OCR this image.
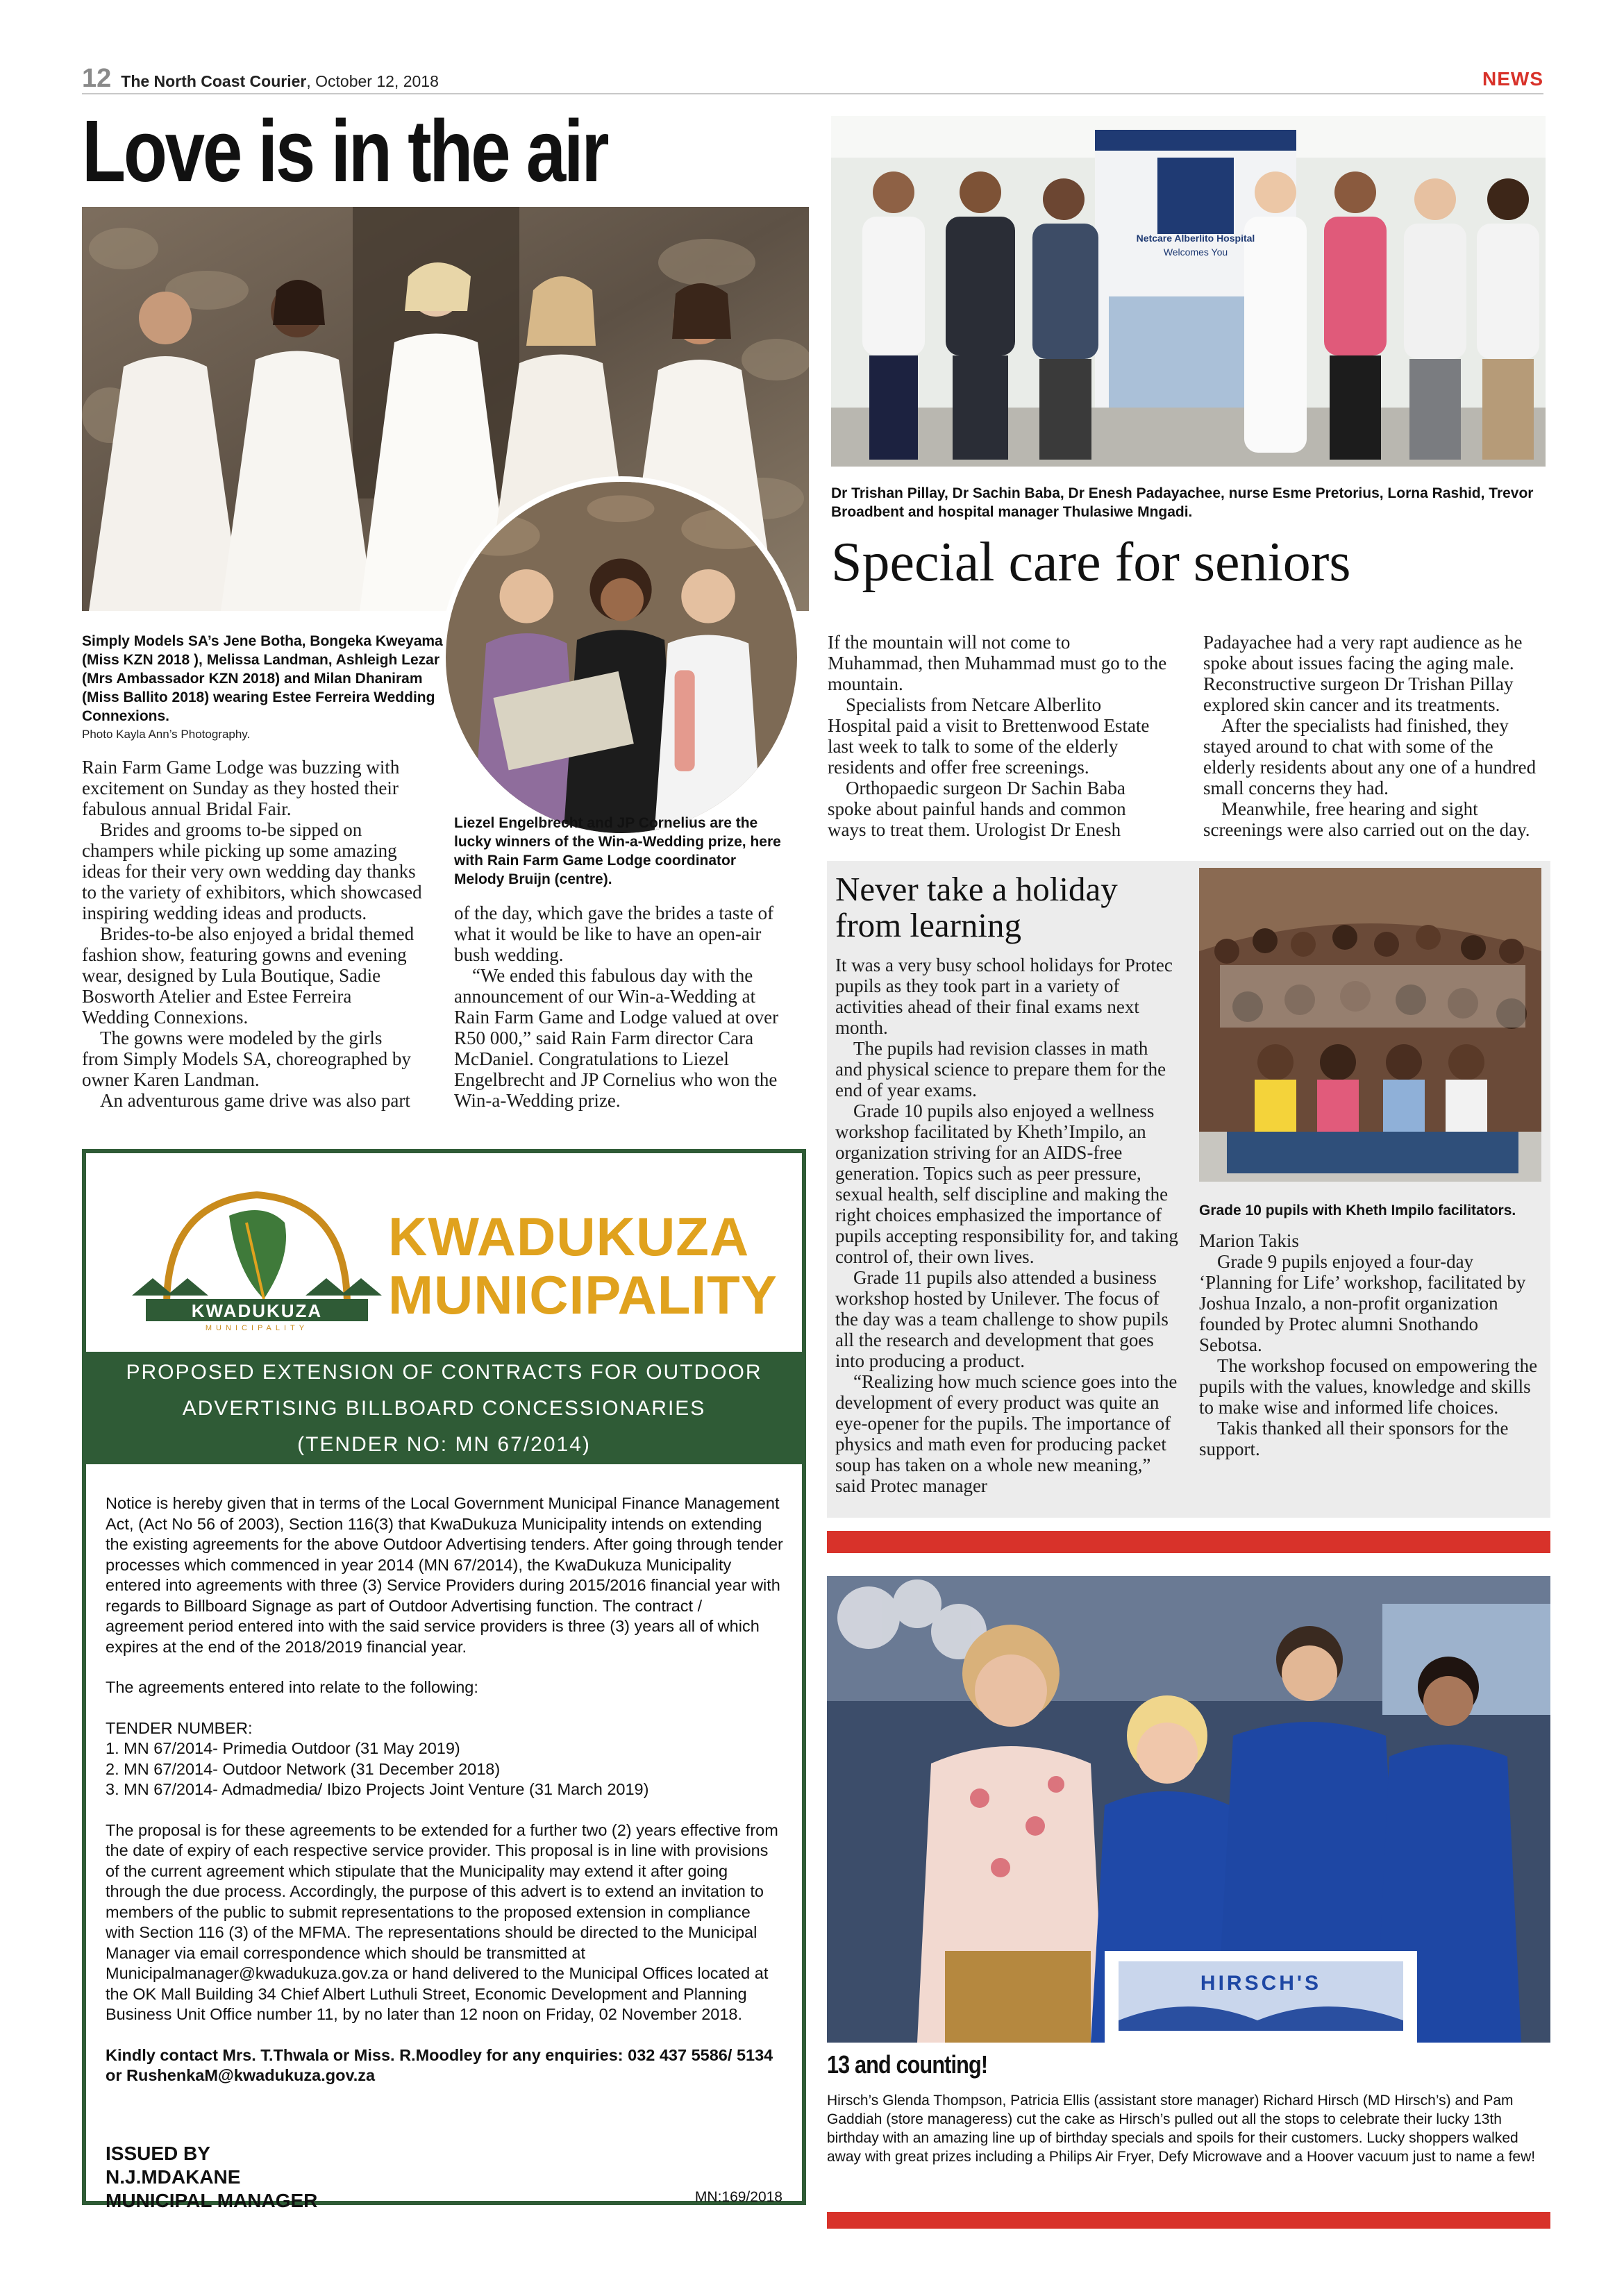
12 The North Coast Courier, October 12, 2018	NEWS
Love is in the air
Simply Models SA’s Jene Botha, Bongeka Kweyama (Miss KZN 2018 ), Melissa Landman, Ashleigh Lezar (Mrs Ambassador KZN 2018) and Milan Dhaniram (Miss Ballito 2018) wearing Estee Ferreira Wedding Connexions.
Photo Kayla Ann’s Photography.

Rain Farm Game Lodge was buzzing with excitement on Sunday as they hosted their fabulous annual Bridal Fair.

Brides and grooms to-be sipped on champers while picking up some amazing ideas for their very own wedding day thanks to the variety of exhibitors, which showcased inspiring wedding ideas and products.

Brides-to-be also enjoyed a bridal themed fashion show, featuring gowns and evening wear, designed by Lula Boutique, Sadie Bosworth Atelier and Estee Ferreira Wedding Connexions.

The gowns were modeled by the girls from Simply Models SA, choreographed by owner Karen Landman.

An adventurous game drive was also part

Liezel Engelbrecht and JP Cornelius are the lucky winners of the Win-a-Wedding prize, here with Rain Farm Game Lodge coordinator Melody Bruijn (centre).

of the day, which gave the brides a taste of what it would be like to have an open-air bush wedding.

“We ended this fabulous day with the announcement of our Win-a-Wedding at Rain Farm Game and Lodge valued at over R50 000,” said Rain Farm director Cara McDaniel. Congratulations to Liezel Engelbrecht and JP Cornelius who won the Win-a-Wedding prize.

KWADUKUZA
MUNICIPALITY
KWADUKUZA
MUNICIPALITY
PROPOSED EXTENSION OF CONTRACTS FOR OUTDOOR
ADVERTISING BILLBOARD CONCESSIONARIES
(TENDER NO: MN 67/2014)

Notice is hereby given that in terms of the Local Government Municipal Finance Management Act, (Act No 56 of 2003), Section 116(3) that KwaDukuza Municipality intends on extending the existing agreements for the above Outdoor Advertising tenders. After going through tender processes which commenced in year 2014 (MN 67/2014), the KwaDukuza Municipality entered into agreements with three (3) Service Providers during 2015/2016 financial year with regards to Billboard Signage as part of Outdoor Advertising function. The contract / agreement period entered into with the said service providers is three (3) years all of which expires at the end of the 2018/2019 financial year.

The agreements entered into relate to the following:

TENDER NUMBER:

1. MN 67/2014- Primedia Outdoor (31 May 2019)

2. MN 67/2014- Outdoor Network (31 December 2018)

3. MN 67/2014- Admadmedia/ Ibizo Projects Joint Venture (31 March 2019)

The proposal is for these agreements to be extended for a further two (2) years effective from the date of expiry of each respective service provider. This proposal is in line with provisions of the current agreement which stipulate that the Municipality may extend it after going through the due process. Accordingly, the purpose of this advert is to extend an invitation to members of the public to submit representations to the proposed extension in compliance with Section 116 (3) of the MFMA. The representations should be directed to the Municipal Manager via email correspondence which should be transmitted at Municipalmanager@kwadukuza.gov.za or hand delivered to the Municipal Offices located at the OK Mall Building 34 Chief Albert Luthuli Street, Economic Development and Planning Business Unit Office number 11, by no later than 12 noon on Friday, 02 November 2018.

Kindly contact Mrs. T.Thwala or Miss. R.Moodley for any enquiries: 032 437 5586/ 5134 or RushenkaM@kwadukuza.gov.za

ISSUED BY
N.J.MDAKANE
MUNICIPAL MANAGER	MN:169/2018
Netcare Alberlito Hospital
Welcomes You
Dr Trishan Pillay, Dr Sachin Baba, Dr Enesh Padayachee, nurse Esme Pretorius, Lorna Rashid, Trevor Broadbent and hospital manager Thulasiwe Mngadi.
Special care for seniors

If the mountain will not come to Muhammad, then Muhammad must go to the mountain.

Specialists from Netcare Alberlito Hospital paid a visit to Brettenwood Estate last week to talk to some of the elderly residents and offer free screenings.

Orthopaedic surgeon Dr Sachin Baba spoke about painful hands and common ways to treat them. Urologist Dr Enesh

Padayachee had a very rapt audience as he spoke about issues facing the aging male. Reconstructive surgeon Dr Trishan Pillay explored skin cancer and its treatments.

After the specialists had finished, they stayed around to chat with some of the elderly residents about any one of a hundred small concerns they had.

Meanwhile, free hearing and sight screenings were also carried out on the day.

Never take a holiday
from learning

It was a very busy school holidays for Protec pupils as they took part in a variety of activities ahead of their final exams next month.

The pupils had revision classes in math and physical science to prepare them for the end of year exams.

Grade 10 pupils also enjoyed a wellness workshop facilitated by Kheth’Impilo, an organization striving for an AIDS-free generation. Topics such as peer pressure, sexual health, self discipline and making the right choices emphasized the importance of pupils accepting responsibility for, and taking control of, their own lives.

Grade 11 pupils also attended a business workshop hosted by Unilever. The focus of the day was a team challenge to show pupils all the research and development that goes into producing a product.

“Realizing how much science goes into the development of every product was quite an eye-opener for the pupils. The importance of physics and math even for producing packet soup has taken on a whole new meaning,” said Protec manager

Grade 10 pupils with Kheth Impilo facilitators.

Marion Takis

Grade 9 pupils enjoyed a four-day ‘Planning for Life’ workshop, facilitated by Joshua Inzalo, a non-profit organization founded by Protec alumni Snothando Sebotsa.

The workshop focused on empowering the pupils with the values, knowledge and skills to make wise and informed life choices.

Takis thanked all their sponsors for the support.

HIRSCH'S
13 and counting!
Hirsch’s Glenda Thompson, Patricia Ellis (assistant store manager) Richard Hirsch (MD Hirsch’s) and Pam Gaddiah (store manageress) cut the cake as Hirsch’s pulled out all the stops to celebrate their lucky 13th birthday with an amazing line up of birthday specials and spoils for their customers. Lucky shoppers walked away with great prizes including a Philips Air Fryer, Defy Microwave and a Hoover vacuum just to name a few!
